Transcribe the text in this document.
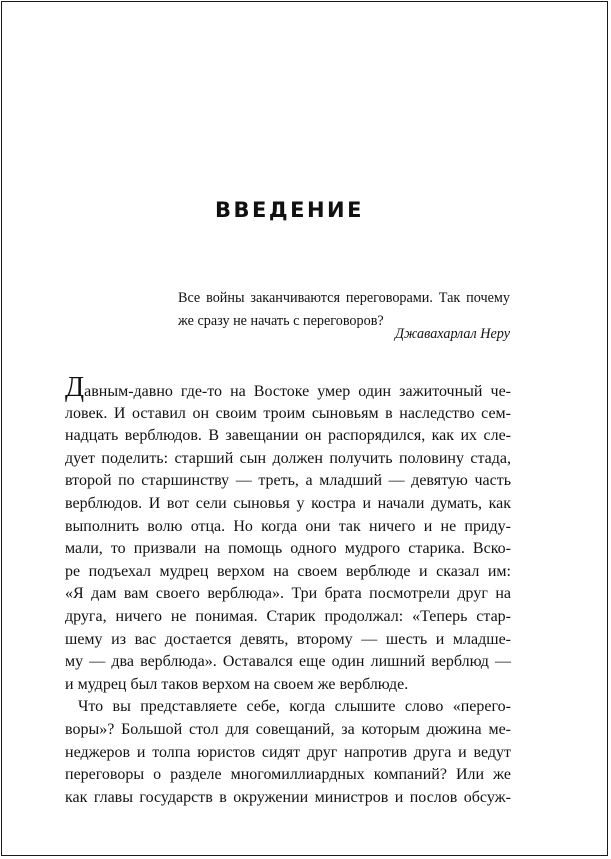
ВВЕДЕНИЕ
Все войны заканчиваются переговорами. Так почему
же сразу не начать с переговоров?
Джавахарлал Неру
Давным-давно где-то на Востоке умер один зажиточный че-
ловек. И оставил он своим троим сыновьям в наследство сем-
надцать верблюдов. В завещании он распорядился, как их сле-
дует поделить: старший сын должен получить половину стада,
второй по старшинству — треть, а младший — девятую часть
верблюдов. И вот сели сыновья у костра и начали думать, как
выполнить волю отца. Но когда они так ничего и не приду-
мали, то призвали на помощь одного мудрого старика. Вско-
ре подъехал мудрец верхом на своем верблюде и сказал им:
«Я дам вам своего верблюда». Три брата посмотрели друг на
друга, ничего не понимая. Старик продолжал: «Теперь стар-
шему из вас достается девять, второму — шесть и младше-
му — два верблюда». Оставался еще один лишний верблюд —
и мудрец был таков верхом на своем же верблюде.
Что вы представляете себе, когда слышите слово «перего-
воры»? Большой стол для совещаний, за которым дюжина ме-
неджеров и толпа юристов сидят друг напротив друга и ведут
переговоры о разделе многомиллиардных компаний? Или же
как главы государств в окружении министров и послов обсуж-
